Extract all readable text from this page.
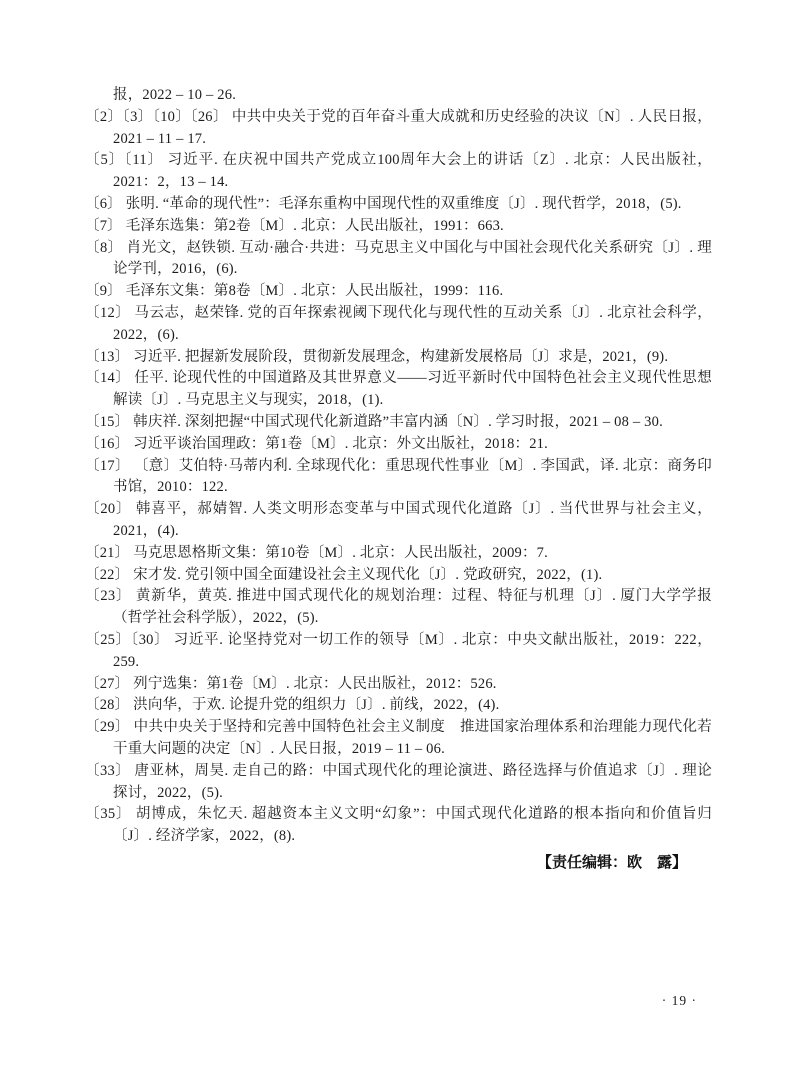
报，2022 – 10 – 26.

〔2〕〔3〕〔10〕〔26〕 中共中央关于党的百年奋斗重大成就和历史经验的决议〔N〕. 人民日报，2021 – 11 – 17.

〔5〕〔11〕 习近平. 在庆祝中国共产党成立100周年大会上的讲话〔Z〕. 北京：人民出版社，2021：2，13 – 14.

〔6〕 张明. “革命的现代性”：毛泽东重构中国现代性的双重维度〔J〕. 现代哲学，2018，(5).

〔7〕 毛泽东选集：第2卷〔M〕. 北京：人民出版社，1991：663.

〔8〕 肖光文，赵铁锁. 互动·融合·共进：马克思主义中国化与中国社会现代化关系研究〔J〕. 理论学刊，2016，(6).

〔9〕 毛泽东文集：第8卷〔M〕. 北京：人民出版社，1999：116.

〔12〕 马云志，赵荣锋. 党的百年探索视阈下现代化与现代性的互动关系〔J〕. 北京社会科学，2022，(6).

〔13〕 习近平. 把握新发展阶段，贯彻新发展理念，构建新发展格局〔J〕求是，2021，(9).

〔14〕 任平. 论现代性的中国道路及其世界意义——习近平新时代中国特色社会主义现代性思想解读〔J〕. 马克思主义与现实，2018，(1).

〔15〕 韩庆祥. 深刻把握“中国式现代化新道路”丰富内涵〔N〕. 学习时报，2021 – 08 – 30.

〔16〕 习近平谈治国理政：第1卷〔M〕. 北京：外文出版社，2018：21.

〔17〕 〔意〕艾伯特·马蒂内利. 全球现代化：重思现代性事业〔M〕. 李国武，译. 北京：商务印书馆，2010：122.

〔20〕 韩喜平，郝婧智. 人类文明形态变革与中国式现代化道路〔J〕. 当代世界与社会主义，2021，(4).

〔21〕 马克思恩格斯文集：第10卷〔M〕. 北京：人民出版社，2009：7.

〔22〕 宋才发. 党引领中国全面建设社会主义现代化〔J〕. 党政研究，2022，(1).

〔23〕 黄新华，黄英. 推进中国式现代化的规划治理：过程、特征与机理〔J〕. 厦门大学学报（哲学社会科学版），2022，(5).

〔25〕〔30〕 习近平. 论坚持党对一切工作的领导〔M〕. 北京：中央文献出版社，2019：222，259.

〔27〕 列宁选集：第1卷〔M〕. 北京：人民出版社，2012：526.

〔28〕 洪向华，于欢. 论提升党的组织力〔J〕. 前线，2022，(4).

〔29〕 中共中央关于坚持和完善中国特色社会主义制度　推进国家治理体系和治理能力现代化若干重大问题的决定〔N〕. 人民日报，2019 – 11 – 06.

〔33〕 唐亚林，周昊. 走自己的路：中国式现代化的理论演进、路径选择与价值追求〔J〕. 理论探讨，2022，(5).

〔35〕 胡博成，朱忆天. 超越资本主义文明“幻象”：中国式现代化道路的根本指向和价值旨归〔J〕. 经济学家，2022，(8).

【责任编辑：欧　露】
· 19 ·
